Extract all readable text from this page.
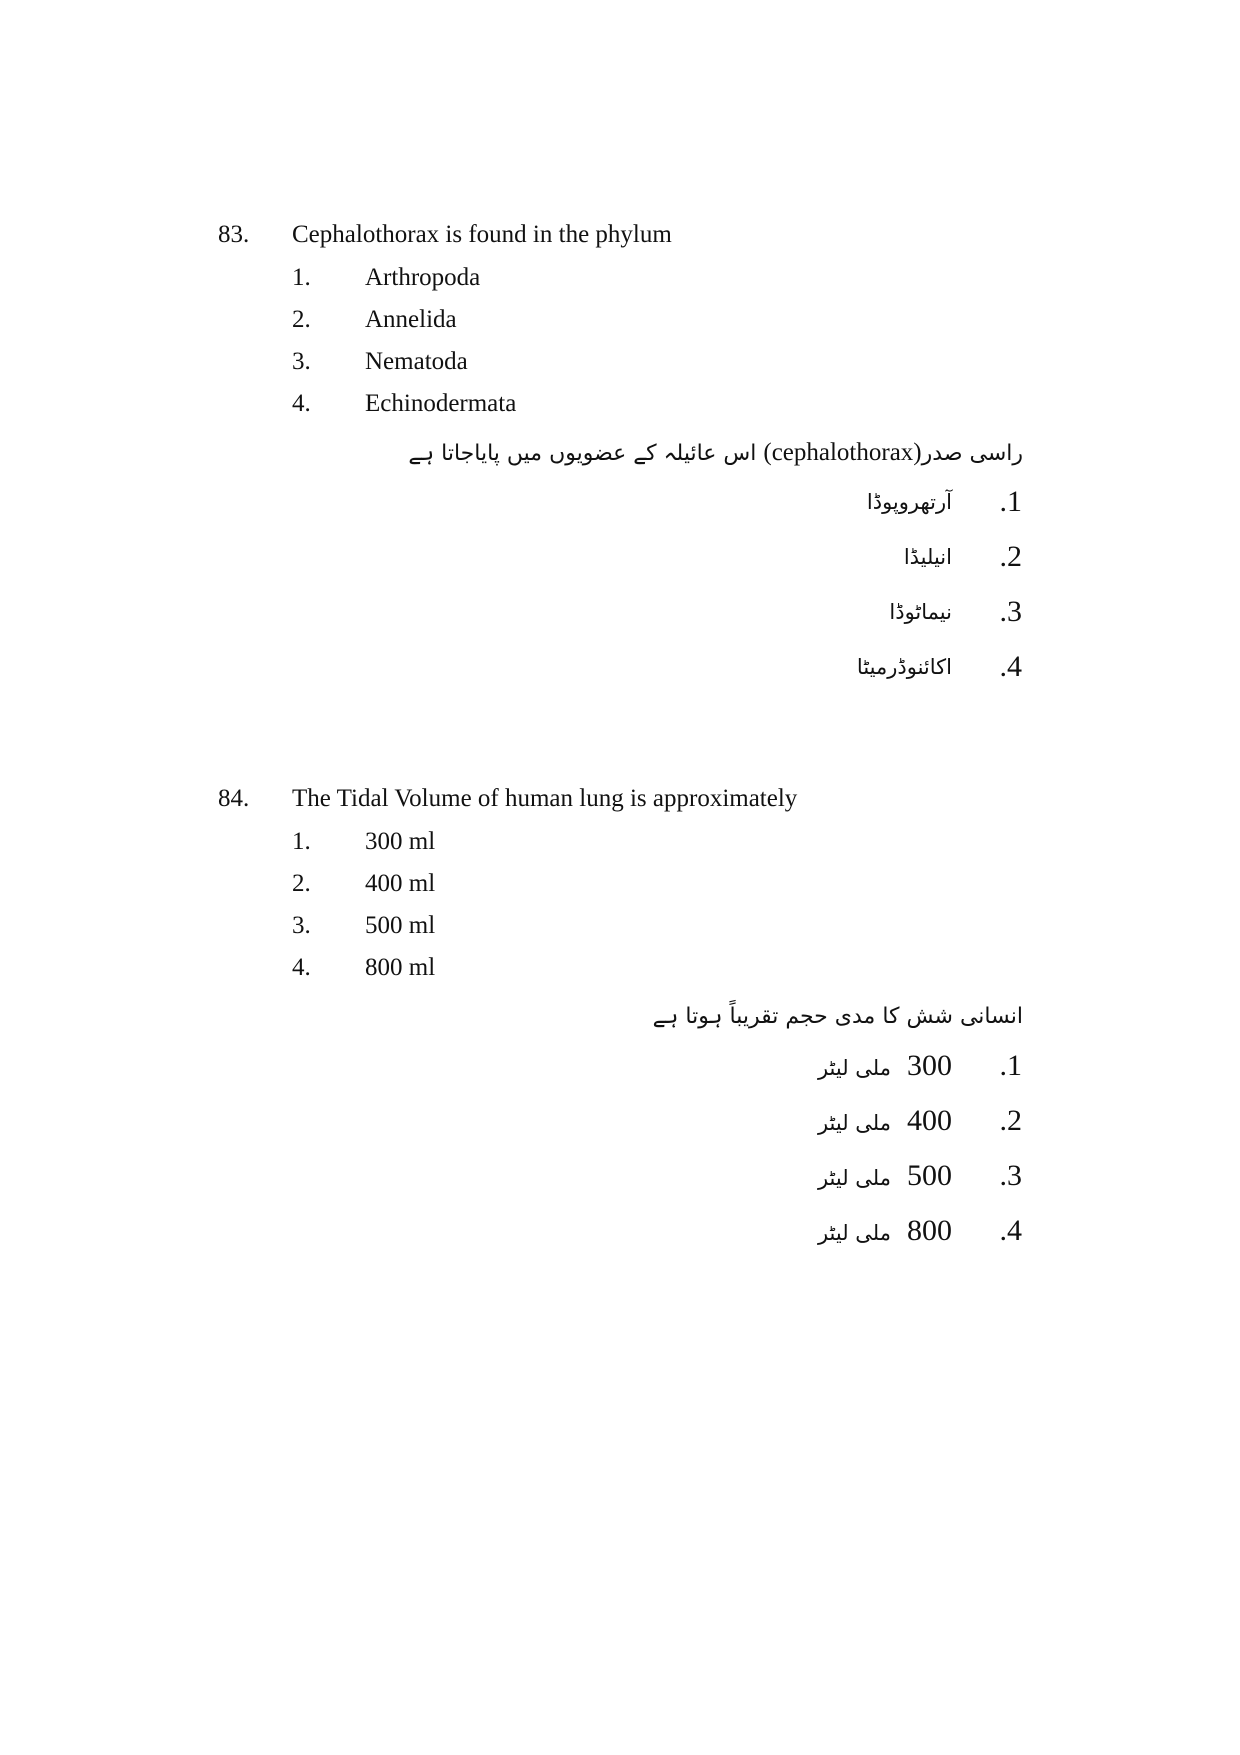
83. Cephalothorax is found in the phylum
1. Arthropoda
2. Annelida
3. Nematoda
4. Echinodermata
راسی صدر(cephalothorax) اس عائیلہ کے عضویوں میں پایاجاتا ہے
.1
آرتھروپوڈا
.2
انیلیڈا
.3
نیماٹوڈا
.4
اکائنوڈرمیٹا
84. The Tidal Volume of human lung is approximately
1. 300 ml
2. 400 ml
3. 500 ml
4. 800 ml
انسانی شش کا مدی حجم تقریباً ہوتا ہے
.1
300ملی لیٹر
.2
400ملی لیٹر
.3
500ملی لیٹر
.4
800ملی لیٹر
